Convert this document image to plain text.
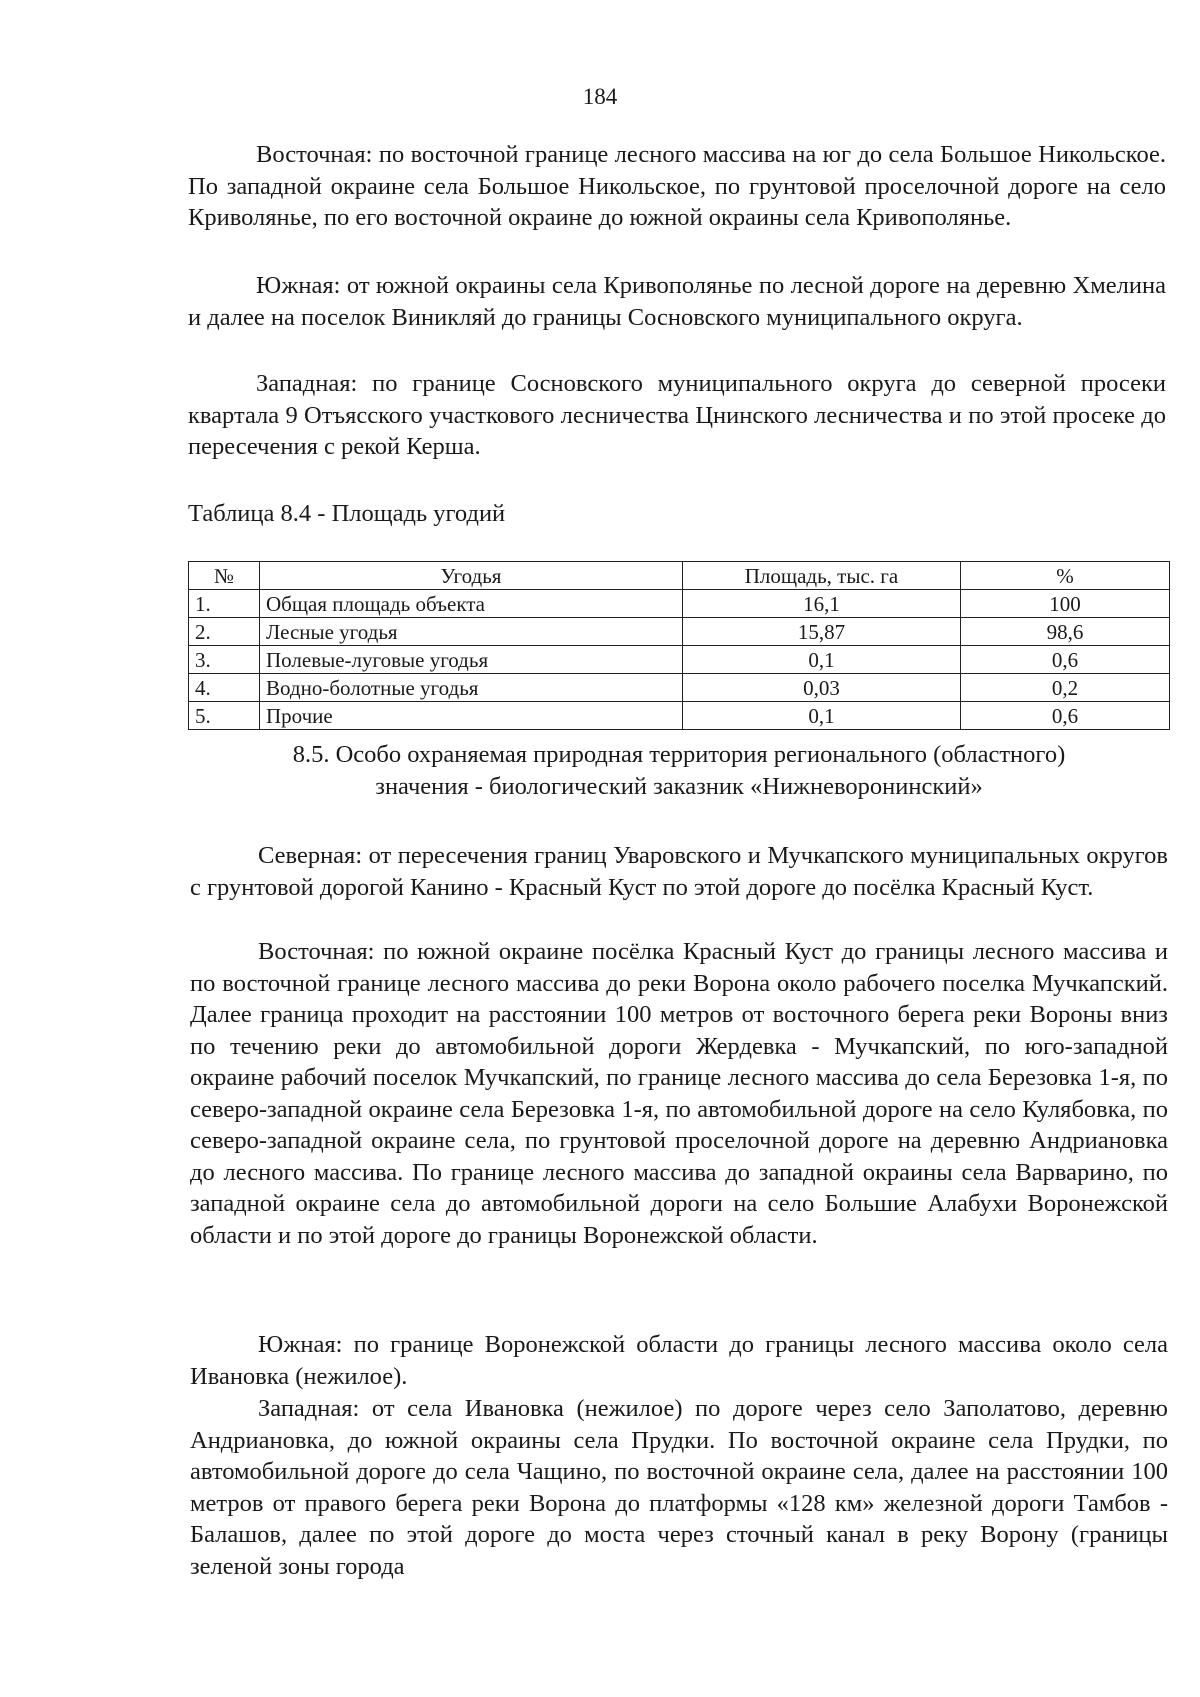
184

Восточная: по восточной границе лесного массива на юг до села Большое Никольское. По западной окраине села Большое Никольское, по грунтовой проселочной дороге на село Криволянье, по его восточной окраине до южной окраины села Кривополянье.

Южная: от южной окраины села Кривополянье по лесной дороге на деревню Хмелина и далее на поселок Виникляй до границы Сосновского муниципального округа.

Западная: по границе Сосновского муниципального округа до северной просеки квартала 9 Отъясского участкового лесничества Цнинского лесничества и по этой просеке до пересечения с рекой Керша.

Таблица 8.4 - Площадь угодий
№	Угодья	Площадь, тыс. га	%
1.	Общая площадь объекта	16,1	100
2.	Лесные угодья	15,87	98,6
3.	Полевые-луговые угодья	0,1	0,6
4.	Водно-болотные угодья	0,03	0,2
5.	Прочие	0,1	0,6
8.5. Особо охраняемая природная территория регионального (областного)
значения - биологический заказник «Нижневоронинский»

Северная: от пересечения границ Уваровского и Мучкапского муниципальных округов с грунтовой дорогой Канино - Красный Куст по этой дороге до посёлка Красный Куст.

Восточная: по южной окраине посёлка Красный Куст до границы лесного массива и по восточной границе лесного массива до реки Ворона около рабочего поселка Мучкапский. Далее граница проходит на расстоянии 100 метров от восточного берега реки Вороны вниз по течению реки до автомобильной дороги Жердевка - Мучкапский, по юго-западной окраине рабочий поселок Мучкапский, по границе лесного массива до села Березовка 1-я, по северо-западной окраине села Березовка 1-я, по автомобильной дороге на село Кулябовка, по северо-западной окраине села, по грунтовой проселочной дороге на деревню Андриановка до лесного массива. По границе лесного массива до западной окраины села Варварино, по западной окраине села до автомобильной дороги на село Большие Алабухи Воронежской области и по этой дороге до границы Воронежской области.

Южная: по границе Воронежской области до границы лесного массива около села Ивановка (нежилое).

Западная: от села Ивановка (нежилое) по дороге через село Заполатово, деревню Андриановка, до южной окраины села Прудки. По восточной окраине села Прудки, по автомобильной дороге до села Чащино, по восточной окраине села, далее на расстоянии 100 метров от правого берега реки Ворона до платформы «128 км» железной дороги Тамбов - Балашов, далее по этой дороге до моста через сточный канал в реку Ворону (границы зеленой зоны города
